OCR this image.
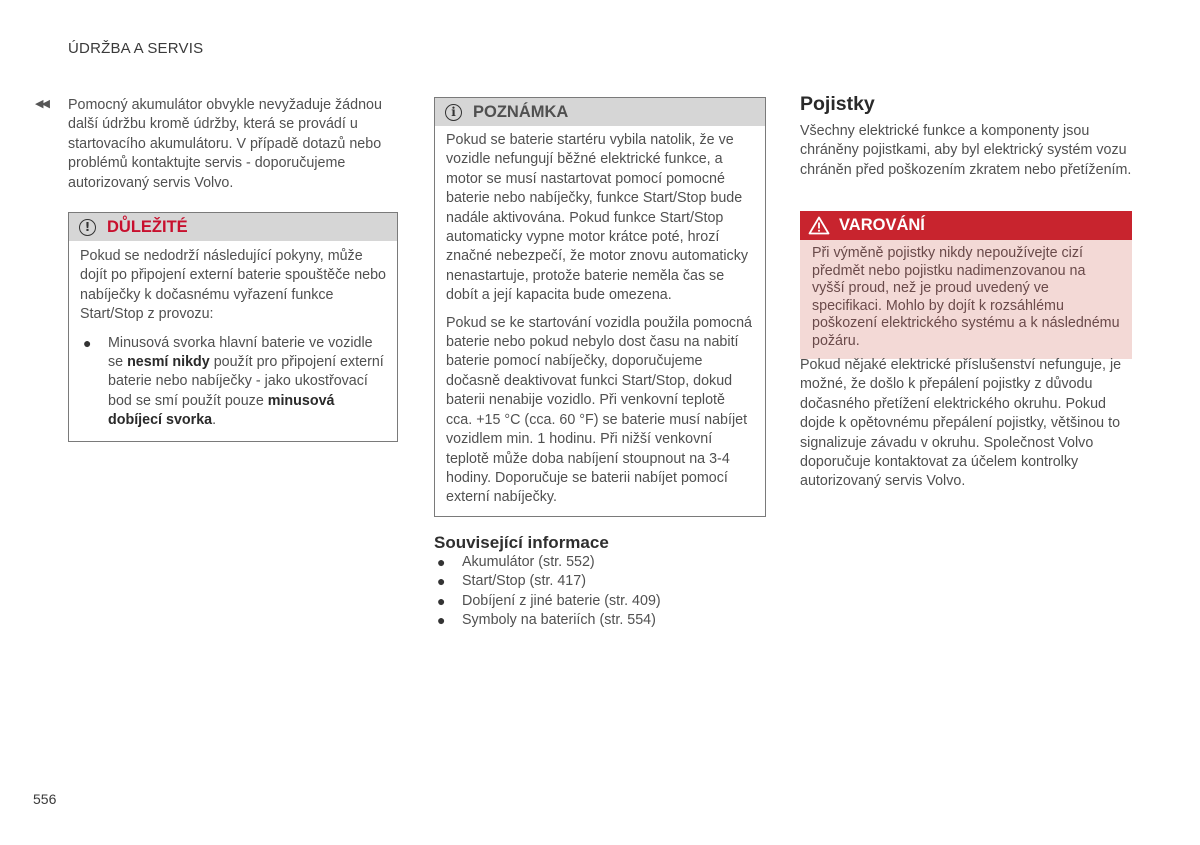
ÚDRŽBA A SERVIS
◀◀ Pomocný akumulátor obvykle nevyžaduje žádnou další údržbu kromě údržby, která se provádí u startovacího akumulátoru. V případě dotazů nebo problémů kontaktujte servis - doporučujeme autorizovaný servis Volvo.

!	DŮLEŽITÉ

Pokud se nedodrží následující pokyny, může dojít po připojení externí baterie spouštěče nebo nabíječky k dočasnému vyřazení funkce Start/Stop z provozu:

● Minusová svorka hlavní baterie ve vozidle se nesmí nikdy použít pro připojení externí baterie nebo nabíječky - jako ukostřovací bod se smí použít pouze minusová dobíjecí svorka.
i	POZNÁMKA

Pokud se baterie startéru vybila natolik, že ve vozidle nefungují běžné elektrické funkce, a motor se musí nastartovat pomocí pomocné baterie nebo nabíječky, funkce Start/Stop bude nadále aktivována. Pokud funkce Start/Stop automaticky vypne motor krátce poté, hrozí značné nebezpečí, že motor znovu automaticky nenastartuje, protože baterie neměla čas se dobít a její kapacita bude omezena.

Pokud se ke startování vozidla použila pomocná baterie nebo pokud nebylo dost času na nabití baterie pomocí nabíječky, doporučujeme dočasně deaktivovat funkci Start/Stop, dokud baterii nenabije vozidlo. Při venkovní teplotě cca. +15 °C (cca. 60 °F) se baterie musí nabíjet vozidlem min. 1 hodinu. Při nižší venkovní teplotě může doba nabíjení stoupnout na 3-4 hodiny. Doporučuje se baterii nabíjet pomocí externí nabíječky.

Související informace
● Akumulátor (str. 552)
● Start/Stop (str. 417)
● Dobíjení z jiné baterie (str. 409)
● Symboly na bateriích (str. 554)
Pojistky

Všechny elektrické funkce a komponenty jsou chráněny pojistkami, aby byl elektrický systém vozu chráněn před poškozením zkratem nebo přetížením.

VAROVÁNÍ

Při výměně pojistky nikdy nepoužívejte cizí předmět nebo pojistku nadimenzovanou na vyšší proud, než je proud uvedený ve specifikaci. Mohlo by dojít k rozsáhlému poškození elektrického systému a k následnému požáru.

Pokud nějaké elektrické příslušenství nefunguje, je možné, že došlo k přepálení pojistky z důvodu dočasného přetížení elektrického okruhu. Pokud dojde k opětovnému přepálení pojistky, většinou to signalizuje závadu v okruhu. Společnost Volvo doporučuje kontaktovat za účelem kontrolky autorizovaný servis Volvo.

556
